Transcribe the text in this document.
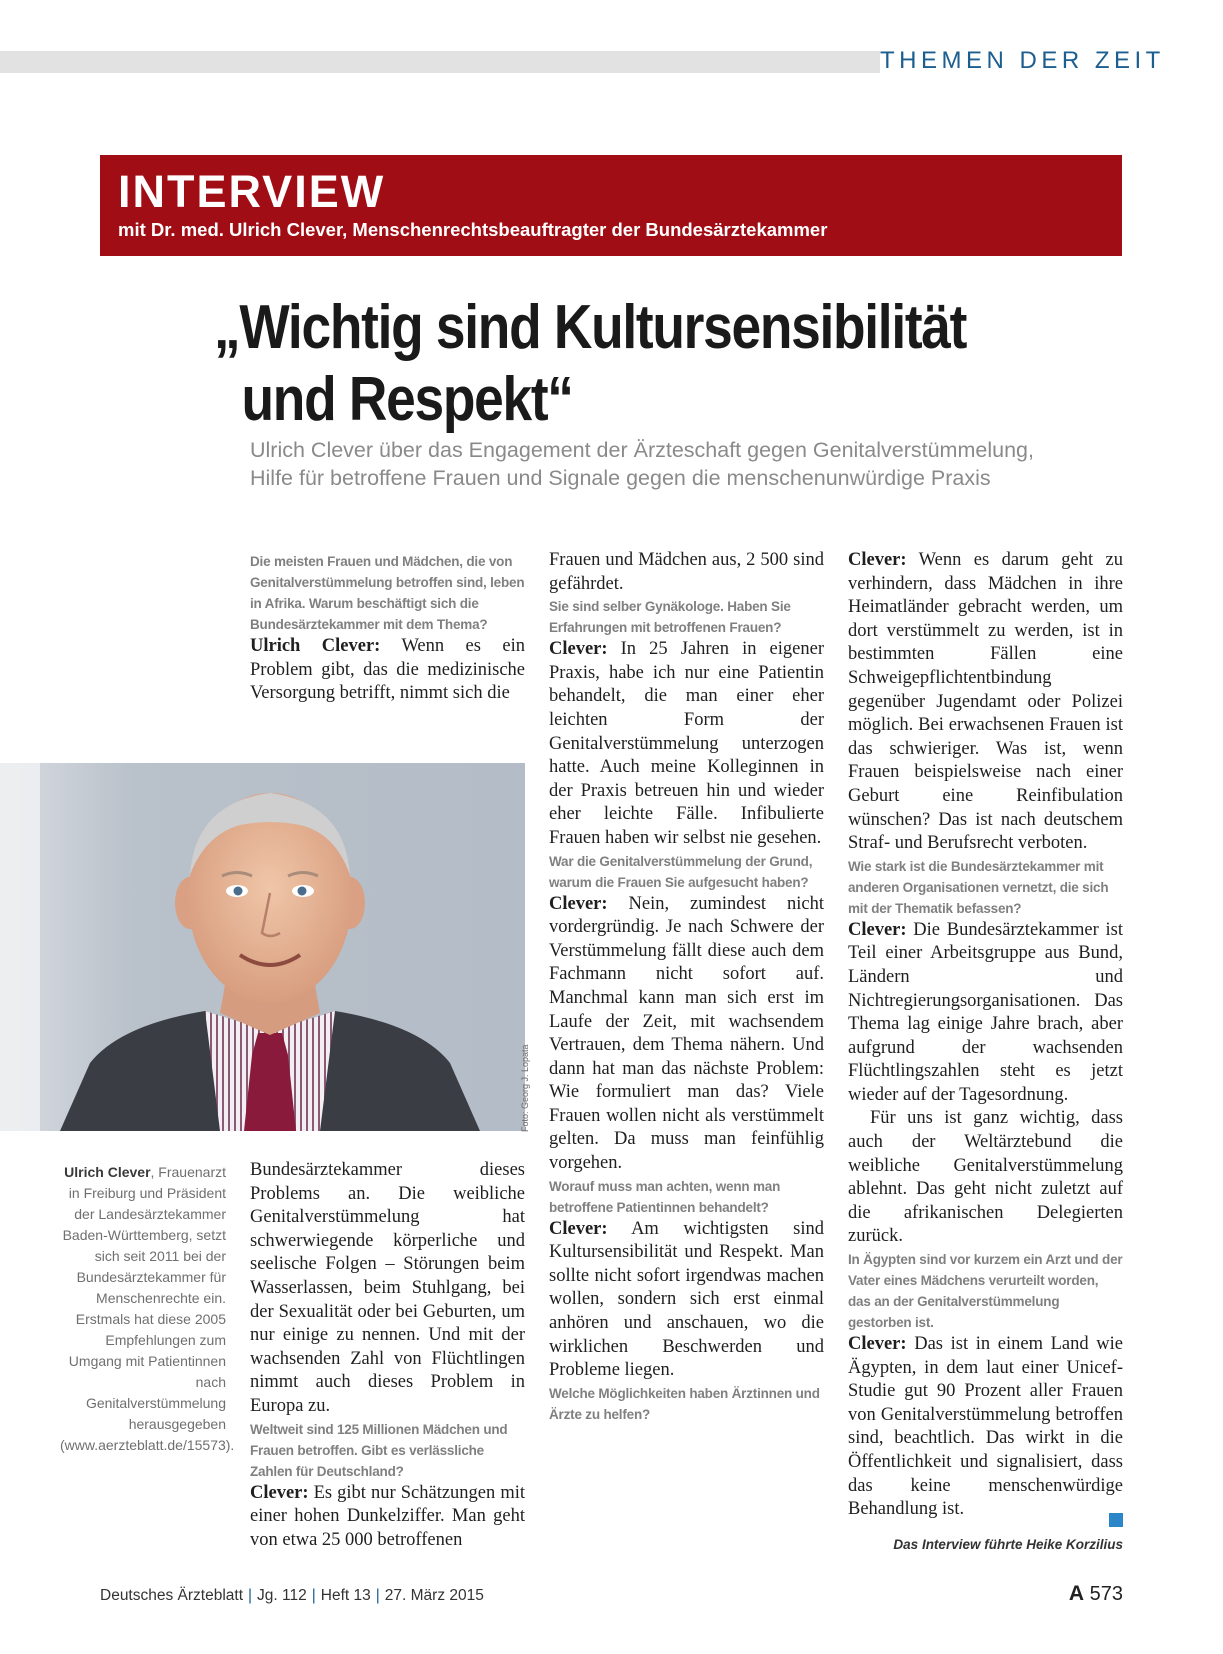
THEMEN DER ZEIT
INTERVIEW
mit Dr. med. Ulrich Clever, Menschenrechtsbeauftragter der Bundesärztekammer
„Wichtig sind Kultursensibilität
und Respekt“
Ulrich Clever über das Engagement der Ärzteschaft gegen Genitalverstümmelung,
Hilfe für betroffene Frauen und Signale gegen die menschenunwürdige Praxis

Die meisten Frauen und Mädchen, die von Genitalverstümmelung betroffen sind, leben in Afrika. Warum beschäftigt sich die Bundesärztekammer mit dem Thema?

Ulrich Clever: Wenn es ein Problem gibt, das die medizinische Versorgung betrifft, nimmt sich die

Foto: Georg J. Lopata
Ulrich Clever, Frauenarzt in Freiburg und Präsident der Landesärztekammer Baden-Württemberg, setzt sich seit 2011 bei der Bundesärztekammer für Menschenrechte ein. Erstmals hat diese 2005 Empfehlungen zum Umgang mit Patientinnen nach Genitalverstümmelung herausgegeben (www.aerzteblatt.de/15573).

Bundesärztekammer dieses Problems an. Die weibliche Genitalverstümmelung hat schwerwiegende körperliche und seelische Folgen – Störungen beim Wasserlassen, beim Stuhlgang, bei der Sexualität oder bei Geburten, um nur einige zu nennen. Und mit der wachsenden Zahl von Flüchtlingen nimmt auch dieses Problem in Europa zu.

Weltweit sind 125 Millionen Mädchen und Frauen betroffen. Gibt es verlässliche Zahlen für Deutschland?

Clever: Es gibt nur Schätzungen mit einer hohen Dunkelziffer. Man geht von etwa 25 000 betroffenen

Frauen und Mädchen aus, 2 500 sind gefährdet.

Sie sind selber Gynäkologe. Haben Sie Erfahrungen mit betroffenen Frauen?

Clever: In 25 Jahren in eigener Praxis, habe ich nur eine Patientin behandelt, die man einer eher leichten Form der Genitalverstümmelung unterzogen hatte. Auch meine Kolleginnen in der Praxis betreuen hin und wieder eher leichte Fälle. Infibulierte Frauen haben wir selbst nie gesehen.

War die Genitalverstümmelung der Grund, warum die Frauen Sie aufgesucht haben?

Clever: Nein, zumindest nicht vordergründig. Je nach Schwere der Verstümmelung fällt diese auch dem Fachmann nicht sofort auf. Manchmal kann man sich erst im Laufe der Zeit, mit wachsendem Vertrauen, dem Thema nähern. Und dann hat man das nächste Problem: Wie formuliert man das? Viele Frauen wollen nicht als verstümmelt gelten. Da muss man feinfühlig vorgehen.

Worauf muss man achten, wenn man betroffene Patientinnen behandelt?

Clever: Am wichtigsten sind Kultursensibilität und Respekt. Man sollte nicht sofort irgendwas machen wollen, sondern sich erst einmal anhören und anschauen, wo die wirklichen Beschwerden und Probleme liegen.

Welche Möglichkeiten haben Ärztinnen und Ärzte zu helfen?

Clever: Wenn es darum geht zu verhindern, dass Mädchen in ihre Heimatländer gebracht werden, um dort verstümmelt zu werden, ist in bestimmten Fällen eine Schweigepflichtentbindung gegenüber Jugendamt oder Polizei möglich. Bei erwachsenen Frauen ist das schwieriger. Was ist, wenn Frauen beispielsweise nach einer Geburt eine Reinfibulation wünschen? Das ist nach deutschem Straf- und Berufsrecht verboten.

Wie stark ist die Bundesärztekammer mit anderen Organisationen vernetzt, die sich mit der Thematik befassen?

Clever: Die Bundesärztekammer ist Teil einer Arbeitsgruppe aus Bund, Ländern und Nichtregierungsorganisationen. Das Thema lag einige Jahre brach, aber aufgrund der wachsenden Flüchtlingszahlen steht es jetzt wieder auf der Tagesordnung.

Für uns ist ganz wichtig, dass auch der Weltärztebund die weibliche Genitalverstümmelung ablehnt. Das geht nicht zuletzt auf die afrikanischen Delegierten zurück.

In Ägypten sind vor kurzem ein Arzt und der Vater eines Mädchens verurteilt worden, das an der Genitalverstümmelung gestorben ist.

Clever: Das ist in einem Land wie Ägypten, in dem laut einer Unicef-Studie gut 90 Prozent aller Frauen von Genitalverstümmelung betroffen sind, beachtlich. Das wirkt in die Öffentlichkeit und signalisiert, dass das keine menschenwürdige Behandlung ist.

Das Interview führte Heike Korzilius
Deutsches Ärzteblatt | Jg. 112 | Heft 13 | 27. März 2015	A 573
